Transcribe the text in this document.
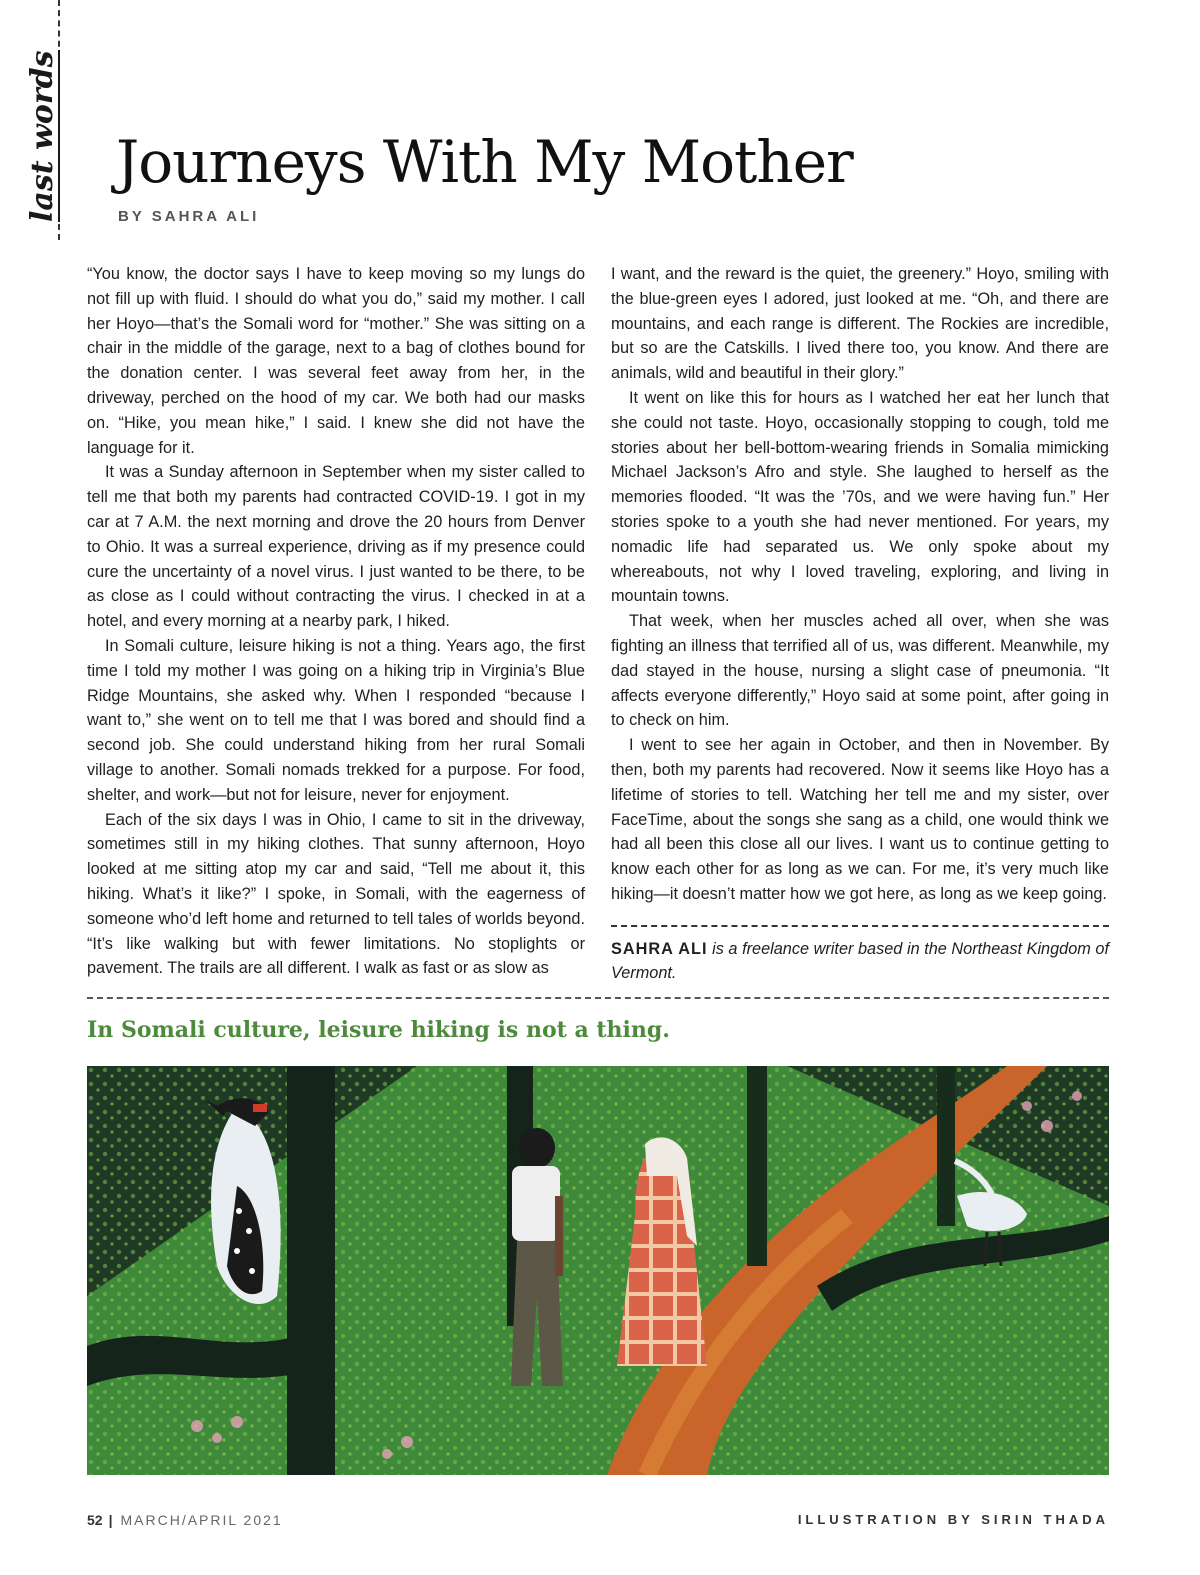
last words Journeys With My Mother
BY SAHRA ALI

“You know, the doctor says I have to keep moving so my lungs do not fill up with fluid. I should do what you do,” said my mother. I call her Hoyo—that’s the Somali word for “mother.” She was sitting on a chair in the middle of the garage, next to a bag of clothes bound for the donation center. I was several feet away from her, in the driveway, perched on the hood of my car. We both had our masks on. “Hike, you mean hike,” I said. I knew she did not have the language for it.

It was a Sunday afternoon in September when my sister called to tell me that both my parents had contracted COVID-19. I got in my car at 7 A.M. the next morning and drove the 20 hours from Denver to Ohio. It was a surreal experience, driving as if my presence could cure the uncertainty of a novel virus. I just wanted to be there, to be as close as I could without contracting the virus. I checked in at a hotel, and every morning at a nearby park, I hiked.

In Somali culture, leisure hiking is not a thing. Years ago, the first time I told my mother I was going on a hiking trip in Virginia’s Blue Ridge Mountains, she asked why. When I responded “because I want to,” she went on to tell me that I was bored and should find a second job. She could understand hiking from her rural Somali village to another. Somali nomads trekked for a purpose. For food, shelter, and work—but not for leisure, never for enjoyment.

Each of the six days I was in Ohio, I came to sit in the driveway, sometimes still in my hiking clothes. That sunny afternoon, Hoyo looked at me sitting atop my car and said, “Tell me about it, this hiking. What’s it like?” I spoke, in Somali, with the eagerness of someone who’d left home and returned to tell tales of worlds beyond. “It’s like walking but with fewer limitations. No stoplights or pavement. The trails are all different. I walk as fast or as slow as

I want, and the reward is the quiet, the greenery.” Hoyo, smiling with the blue-green eyes I adored, just looked at me. “Oh, and there are mountains, and each range is different. The Rockies are incredible, but so are the Catskills. I lived there too, you know. And there are animals, wild and beautiful in their glory.”

It went on like this for hours as I watched her eat her lunch that she could not taste. Hoyo, occasionally stopping to cough, told me stories about her bell-bottom-wearing friends in Somalia mimicking Michael Jackson’s Afro and style. She laughed to herself as the memories flooded. “It was the ’70s, and we were having fun.” Her stories spoke to a youth she had never mentioned. For years, my nomadic life had separated us. We only spoke about my whereabouts, not why I loved traveling, exploring, and living in mountain towns.

That week, when her muscles ached all over, when she was fighting an illness that terrified all of us, was different. Meanwhile, my dad stayed in the house, nursing a slight case of pneumonia. “It affects everyone differently,” Hoyo said at some point, after going in to check on him.

I went to see her again in October, and then in November. By then, both my parents had recovered. Now it seems like Hoyo has a lifetime of stories to tell. Watching her tell me and my sister, over FaceTime, about the songs she sang as a child, one would think we had all been this close all our lives. I want us to continue getting to know each other for as long as we can. For me, it’s very much like hiking—it doesn’t matter how we got here, as long as we keep going.

SAHRA ALI is a freelance writer based in the Northeast Kingdom of Vermont.

In Somali culture, leisure hiking is not a thing.

52 | MARCH/APRIL 2021	ILLUSTRATION BY SIRIN THADA
